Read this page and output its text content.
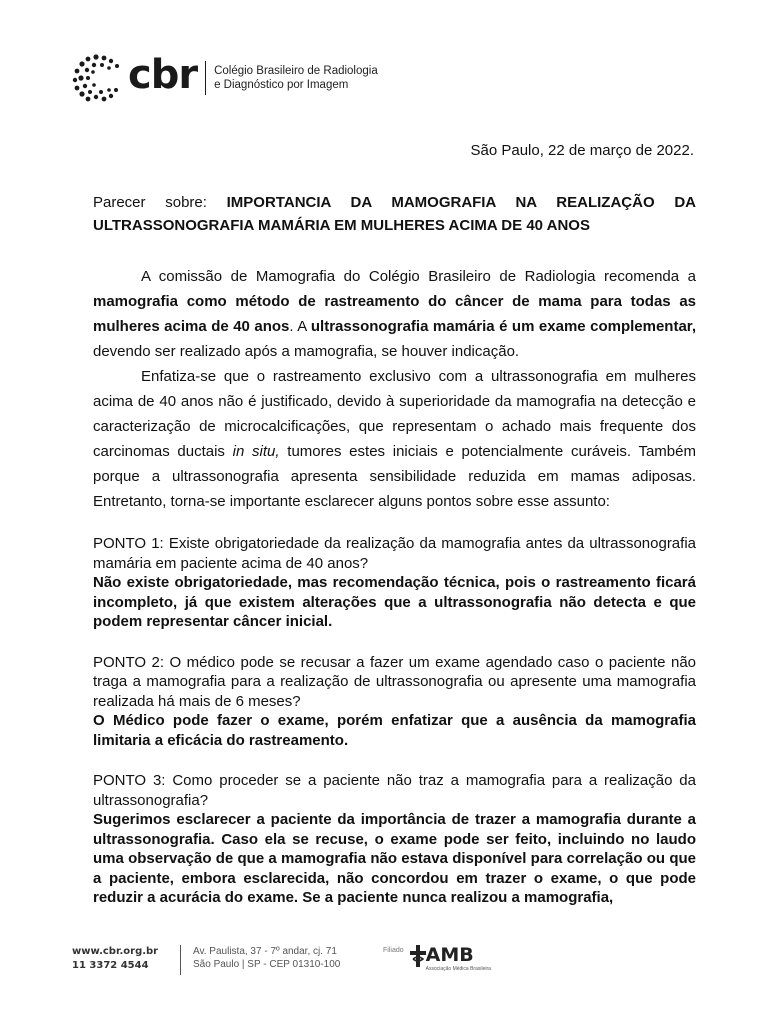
cbr Colégio Brasileiro de Radiologia
e Diagnóstico por Imagem
São Paulo, 22 de março de 2022.
Parecer sobre: IMPORTANCIA DA MAMOGRAFIA NA REALIZAÇÃO DA ULTRASSONOGRAFIA MAMÁRIA EM MULHERES ACIMA DE 40 ANOS

A comissão de Mamografia do Colégio Brasileiro de Radiologia recomenda a mamografia como método de rastreamento do câncer de mama para todas as mulheres acima de 40 anos. A ultrassonografia mamária é um exame complementar, devendo ser realizado após a mamografia, se houver indicação.

Enfatiza-se que o rastreamento exclusivo com a ultrassonografia em mulheres acima de 40 anos não é justificado, devido à superioridade da mamografia na detecção e caracterização de microcalcificações, que representam o achado mais frequente dos carcinomas ductais in situ, tumores estes iniciais e potencialmente curáveis. Também porque a ultrassonografia apresenta sensibilidade reduzida em mamas adiposas. Entretanto, torna-se importante esclarecer alguns pontos sobre esse assunto:

PONTO 1: Existe obrigatoriedade da realização da mamografia antes da ultrassonografia mamária em paciente acima de 40 anos?
Não existe obrigatoriedade, mas recomendação técnica, pois o rastreamento ficará incompleto, já que existem alterações que a ultrassonografia não detecta e que podem representar câncer inicial.
PONTO 2: O médico pode se recusar a fazer um exame agendado caso o paciente não traga a mamografia para a realização de ultrassonografia ou apresente uma mamografia realizada há mais de 6 meses?
O Médico pode fazer o exame, porém enfatizar que a ausência da mamografia limitaria a eficácia do rastreamento.
PONTO 3: Como proceder se a paciente não traz a mamografia para a realização da ultrassonografia?
Sugerimos esclarecer a paciente da importância de trazer a mamografia durante a ultrassonografia. Caso ela se recuse, o exame pode ser feito, incluindo no laudo uma observação de que a mamografia não estava disponível para correlação ou que a paciente, embora esclarecida, não concordou em trazer o exame, o que pode reduzir a acurácia do exame. Se a paciente nunca realizou a mamografia,
www.cbr.org.br
11 3372 4544
Av. Paulista, 37 - 7º andar, cj. 71
São Paulo | SP - CEP 01310-100
Filiado AMB
Associação Médica Brasileira
